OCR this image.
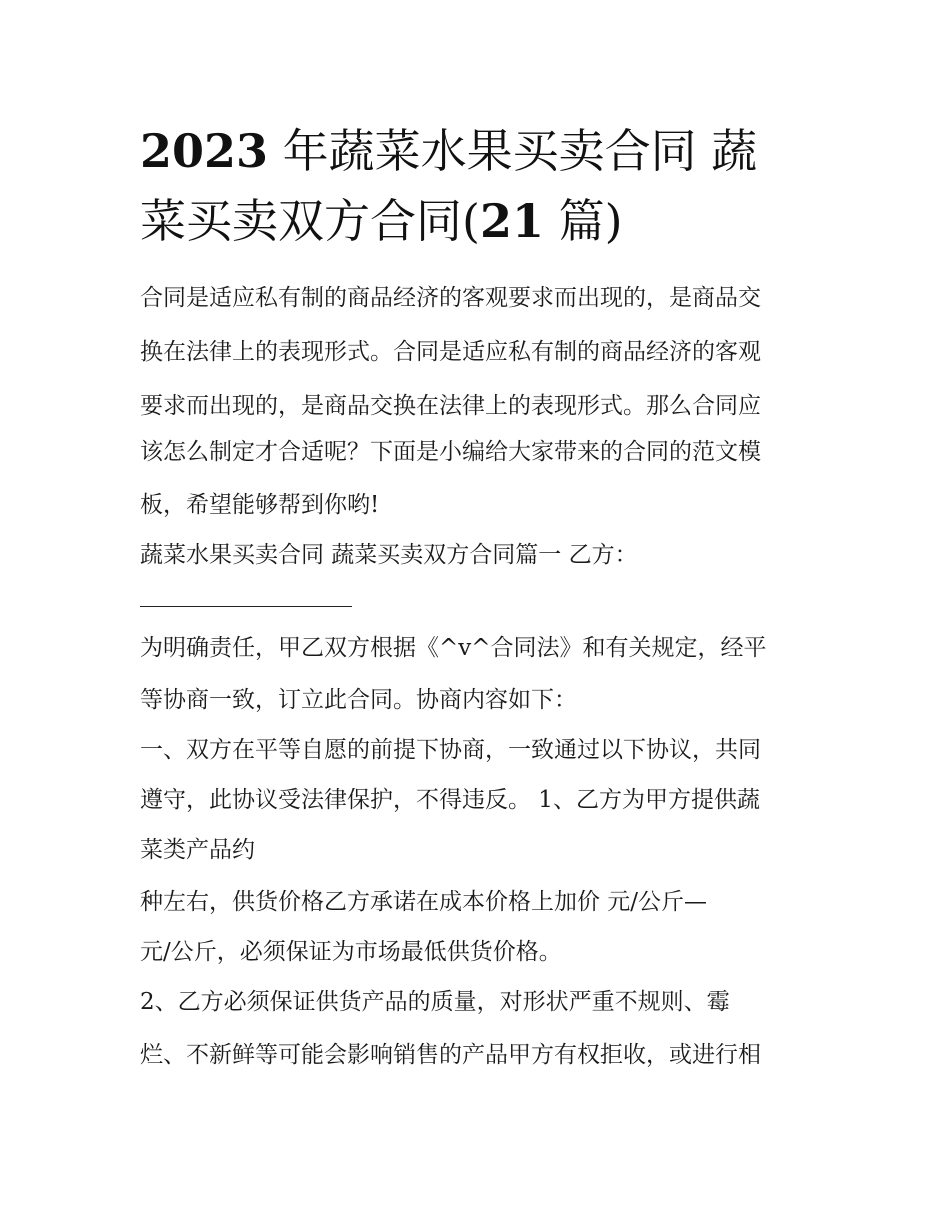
2023 年蔬菜水果买卖合同 蔬
菜买卖双方合同(21 篇)

合同是适应私有制的商品经济的客观要求而出现的，是商品交

换在法律上的表现形式。合同是适应私有制的商品经济的客观

要求而出现的，是商品交换在法律上的表现形式。那么合同应

该怎么制定才合适呢？下面是小编给大家带来的合同的范文模

板，希望能够帮到你哟!

蔬菜水果买卖合同 蔬菜买卖双方合同篇一 乙方：

为明确责任，甲乙双方根据《^v^合同法》和有关规定，经平

等协商一致，订立此合同。协商内容如下：

一、双方在平等自愿的前提下协商，一致通过以下协议，共同

遵守，此协议受法律保护，不得违反。 1、乙方为甲方提供蔬

菜类产品约

种左右，供货价格乙方承诺在成本价格上加价 元/公斤—

元/公斤，必须保证为市场最低供货价格。

2、乙方必须保证供货产品的质量，对形状严重不规则、霉

烂、不新鲜等可能会影响销售的产品甲方有权拒收，或进行相
